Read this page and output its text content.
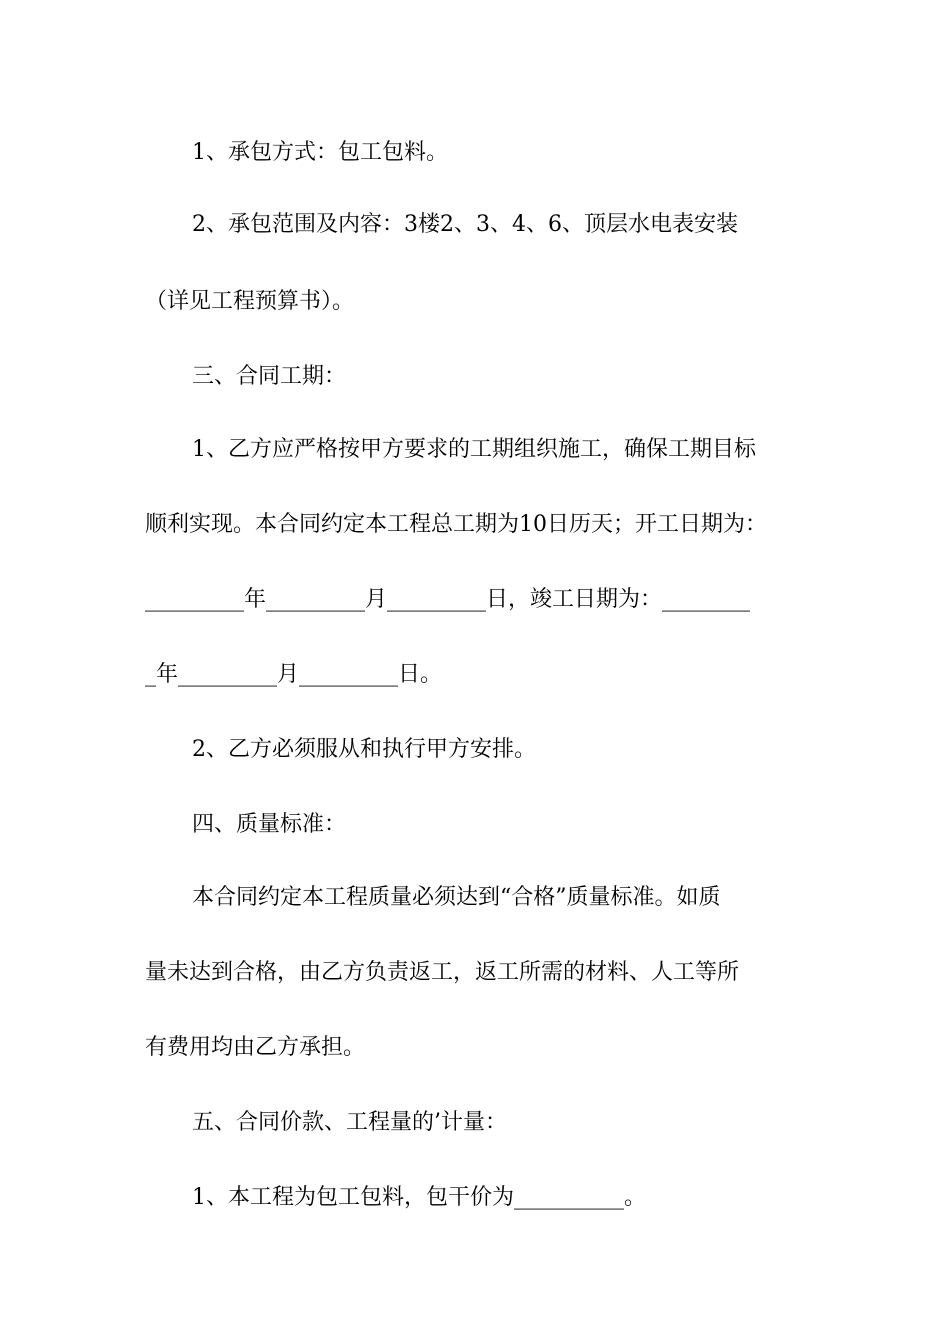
1、承包方式：包工包料。
2、承包范围及内容：3楼2、3、4、6、顶层水电表安装
（详见工程预算书）。
三、合同工期：
1、乙方应严格按甲方要求的工期组织施工，确保工期目标
顺利实现。本合同约定本工程总工期为10日历天；开工日期为：
_________年_________月_________日，竣工日期为：________
_年_________月_________日。
2、乙方必须服从和执行甲方安排。
四、质量标准：
本合同约定本工程质量必须达到“合格”质量标准。如质
量未达到合格，由乙方负责返工，返工所需的材料、人工等所
有费用均由乙方承担。
五、合同价款、工程量的’计量：
1、本工程为包工包料，包干价为__________。
